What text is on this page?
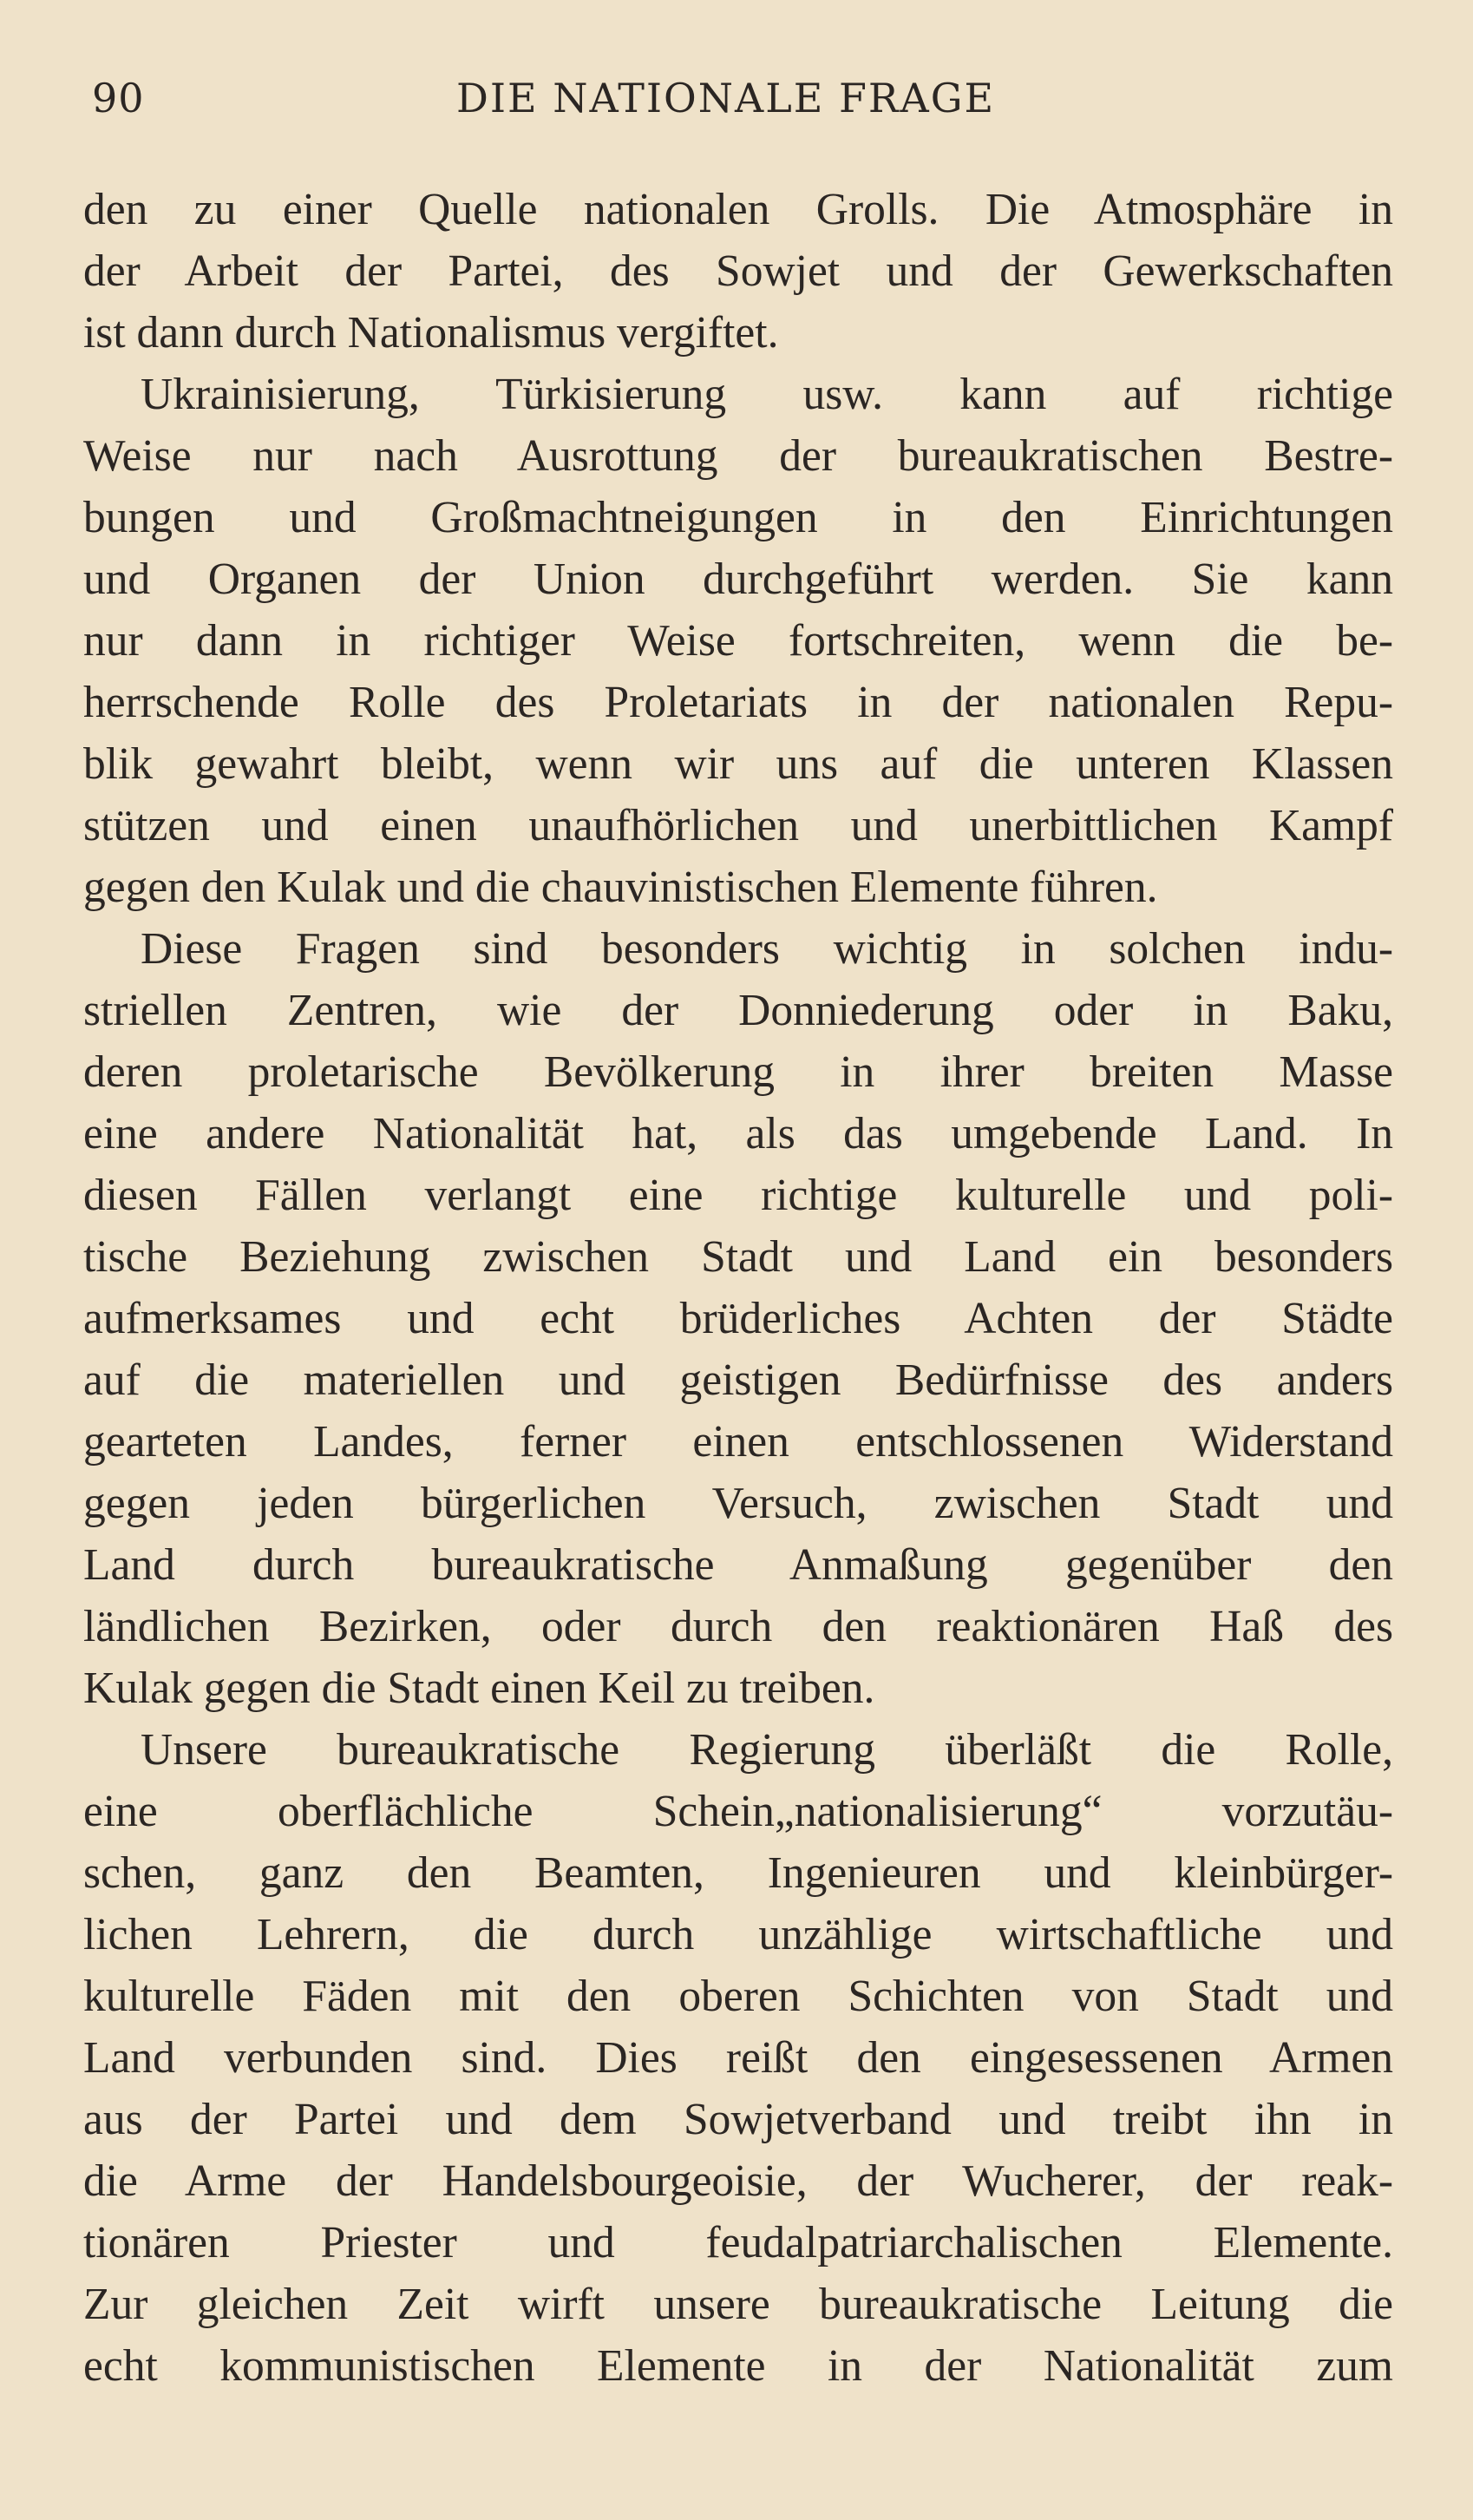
90	DIE NATIONALE FRAGE
den zu einer Quelle nationalen Grolls. Die Atmosphäre in
der Arbeit der Partei, des Sowjet und der Gewerkschaften
ist dann durch Nationalismus vergiftet.
Ukrainisierung, Türkisierung usw. kann auf richtige
Weise nur nach Ausrottung der bureaukratischen Bestre-
bungen und Großmachtneigungen in den Einrichtungen
und Organen der Union durchgeführt werden. Sie kann
nur dann in richtiger Weise fortschreiten, wenn die be-
herrschende Rolle des Proletariats in der nationalen Repu-
blik gewahrt bleibt, wenn wir uns auf die unteren Klassen
stützen und einen unaufhörlichen und unerbittlichen Kampf
gegen den Kulak und die chauvinistischen Elemente führen.
Diese Fragen sind besonders wichtig in solchen indu-
striellen Zentren, wie der Donniederung oder in Baku,
deren proletarische Bevölkerung in ihrer breiten Masse
eine andere Nationalität hat, als das umgebende Land. In
diesen Fällen verlangt eine richtige kulturelle und poli-
tische Beziehung zwischen Stadt und Land ein besonders
aufmerksames und echt brüderliches Achten der Städte
auf die materiellen und geistigen Bedürfnisse des anders
gearteten Landes, ferner einen entschlossenen Widerstand
gegen jeden bürgerlichen Versuch, zwischen Stadt und
Land durch bureaukratische Anmaßung gegenüber den
ländlichen Bezirken, oder durch den reaktionären Haß des
Kulak gegen die Stadt einen Keil zu treiben.
Unsere bureaukratische Regierung überläßt die Rolle,
eine oberflächliche Schein„nationalisierung“ vorzutäu-
schen, ganz den Beamten, Ingenieuren und kleinbürger-
lichen Lehrern, die durch unzählige wirtschaftliche und
kulturelle Fäden mit den oberen Schichten von Stadt und
Land verbunden sind. Dies reißt den eingesessenen Armen
aus der Partei und dem Sowjetverband und treibt ihn in
die Arme der Handelsbourgeoisie, der Wucherer, der reak-
tionären Priester und feudalpatriarchalischen Elemente.
Zur gleichen Zeit wirft unsere bureaukratische Leitung die
echt kommunistischen Elemente in der Nationalität zum
